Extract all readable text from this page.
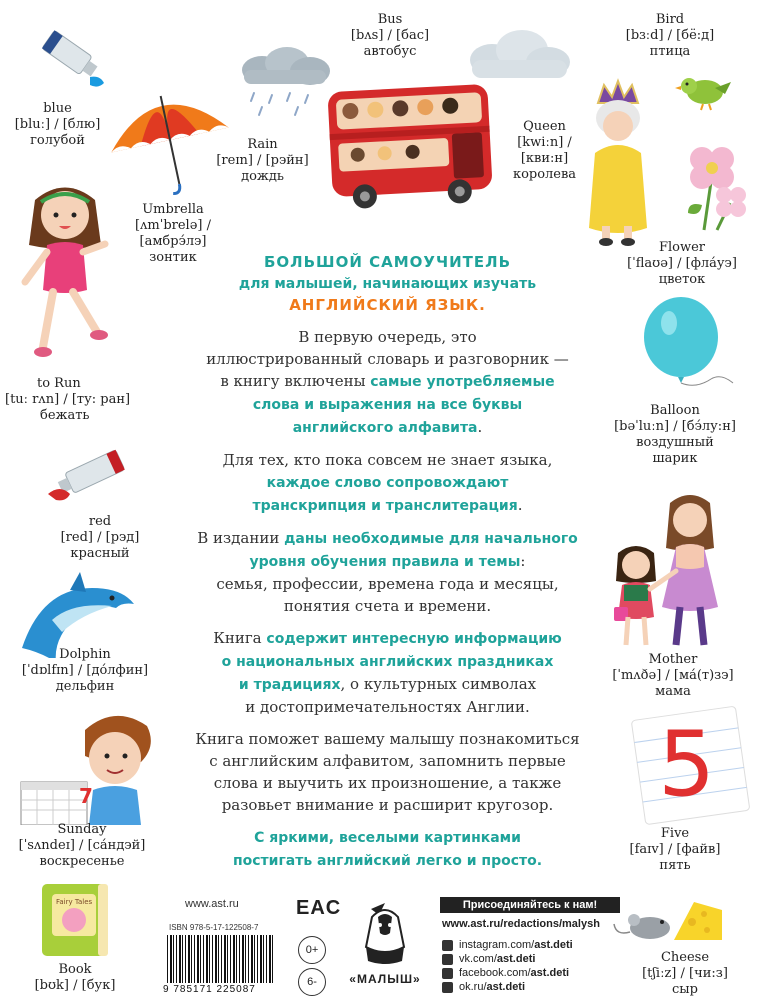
7	5
Fairy Tales
Bus
[bʌs] / [бас]
автобус
Bird
[bɜːd] / [бё:д]
птица
blue
[bluː] / [блю]
голубой	Rain
[reɪn] / [рэйн]
дождь
Queen
[kwiːn] /
[кви:н]
королева
Umbrella
[ʌmˈbrelə] /
[амбрэ́лэ]
зонтик
Flower
[ˈflaʊə] / [фла́уэ]
цветок
to Run
[tuː rʌn] / [ту: ран]
бежать	Balloon
[bəˈluːn] / [бэ́лу:н]
воздушный
шарик
red
[red] / [рэд]
красный
Dolphin
[ˈdɒlfɪn] / [до́лфин]
дельфин
Mother
[ˈmʌðə] / [ма́(т)зэ]
мама
Sunday
[ˈsʌndeɪ] / [са́ндэй]
воскресенье
Five
[faɪv] / [файв]
пять
Book
[bʊk] / [бук]
Cheese
[tʃiːz] / [чи:з]
сыр

БОЛЬШОЙ САМОУЧИТЕЛЬ
для малышей, начинающих изучать
АНГЛИЙСКИЙ ЯЗЫК.

В первую очередь, это
иллюстрированный словарь и разговорник —
в книгу включены самые употребляемые
слова и выражения на все буквы
английского алфавита.

Для тех, кто пока совсем не знает языка,
каждое слово сопровождают
транскрипция и транслитерация.

В издании даны необходимые для начального
уровня обучения правила и темы:
семья, профессии, времена года и месяцы,
понятия счета и времени.

Книга содержит интересную информацию
о национальных английских праздниках
и традициях, о культурных символах
и достопримечательностях Англии.

Книга поможет вашему малышу познакомиться
с английским алфавитом, запомнить первые
слова и выучить их произношение, а также
разовьет внимание и расширит кругозор.

С яркими, веселыми картинками
постигать английский легко и просто.

www.ast.ru
ISBN 978-5-17-122508-7
9 785171 225087
EAC
0+
6-	«МАЛЫШ»
Присоединяйтесь к нам!
www.ast.ru/redactions/malysh
instagram.com/ast.deti
vk.com/ast.deti
facebook.com/ast.deti
ok.ru/ast.deti
